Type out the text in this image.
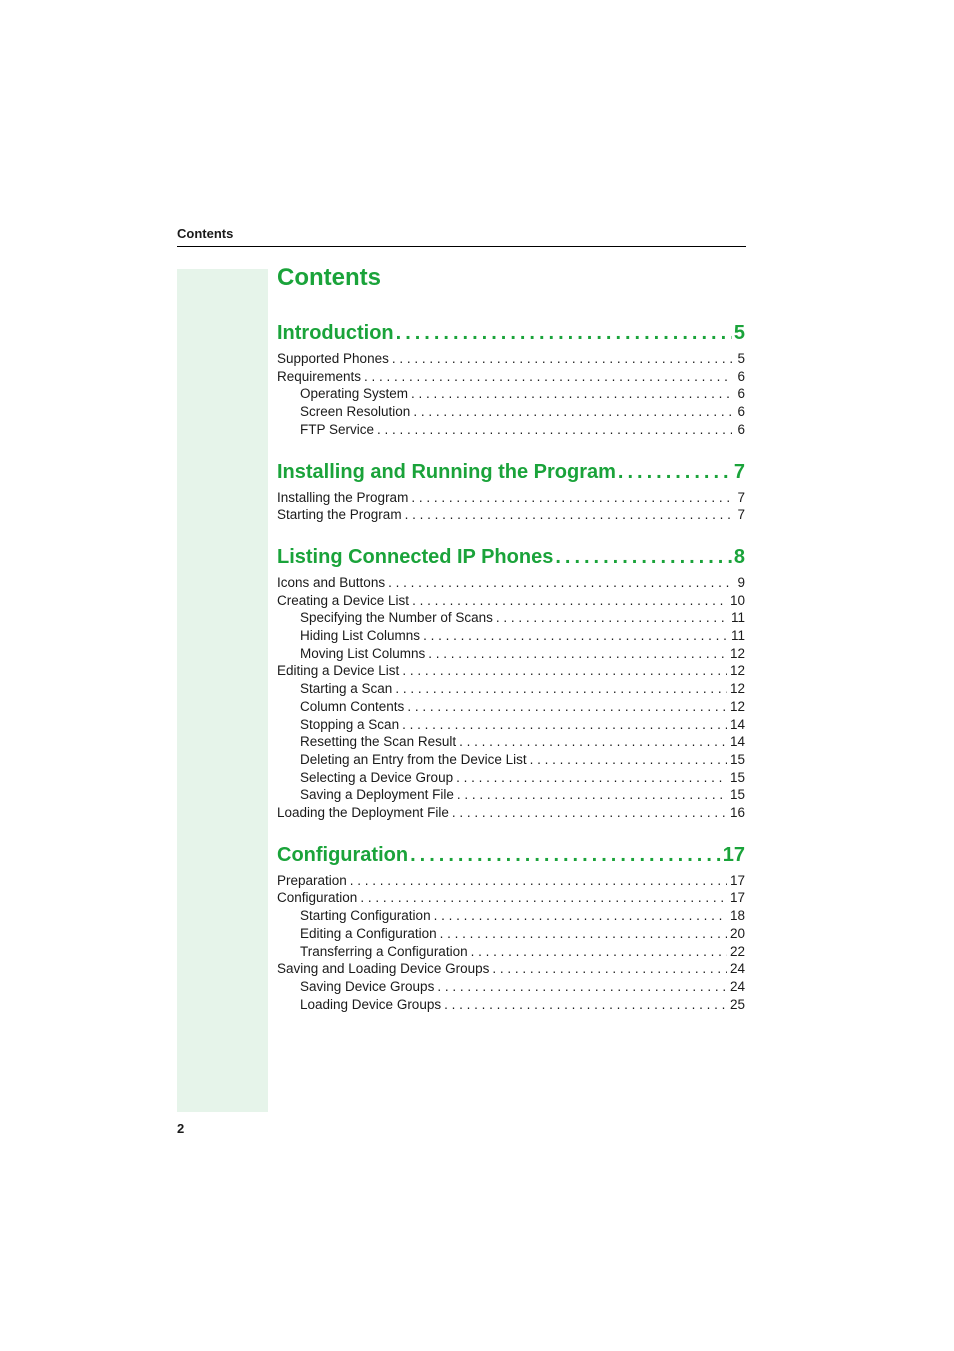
Contents
Contents
Introduction .....	5
Supported Phones . . .	5
Requirements . . .	6
Operating System . . .	6
Screen Resolution . . .	6
FTP Service . . .	6
Installing and Running the Program .....	7
Installing the Program . . .	7
Starting the Program . . .	7
Listing Connected IP Phones .....	8
Icons and Buttons . . .	9
Creating a Device List . . .	10
Specifying the Number of Scans . . .	11
Hiding List Columns . . .	11
Moving List Columns . . .	12
Editing a Device List . . .	12
Starting a Scan . . .	12
Column Contents . . .	12
Stopping a Scan . . .	14
Resetting the Scan Result . . .	14
Deleting an Entry from the Device List . . .	15
Selecting a Device Group . . .	15
Saving a Deployment File . . .	15
Loading the Deployment File . . .	16
Configuration .....	17
Preparation . . .	17
Configuration . . .	17
Starting Configuration . . .	18
Editing a Configuration . . .	20
Transferring a Configuration . . .	22
Saving and Loading Device Groups . . .	24
Saving Device Groups . . .	24
Loading Device Groups . . .	25
2
